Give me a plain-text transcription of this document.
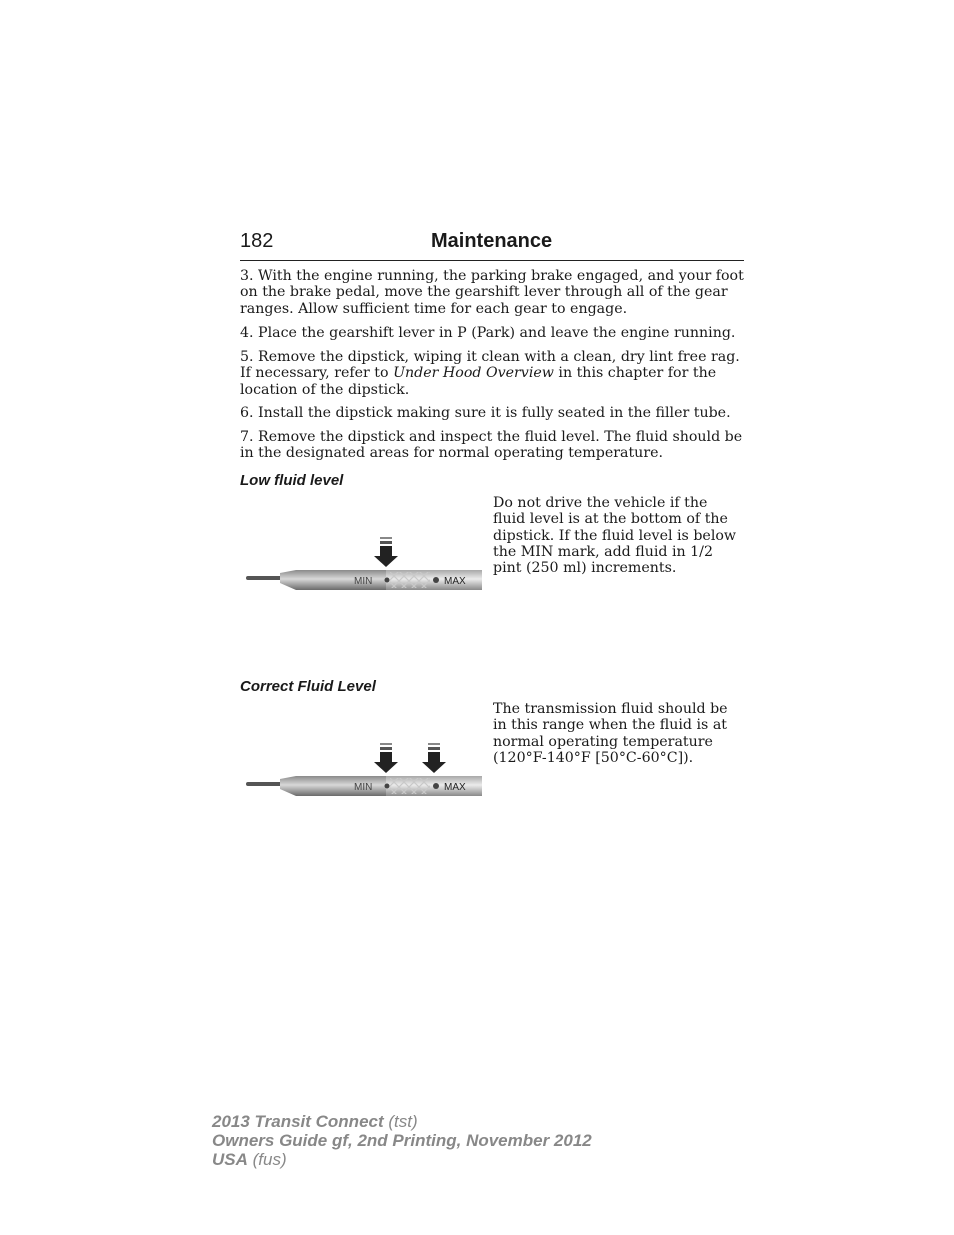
182	Maintenance

3. With the engine running, the parking brake engaged, and your foot on the brake pedal, move the gearshift lever through all of the gear ranges. Allow sufficient time for each gear to engage.

4. Place the gearshift lever in P (Park) and leave the engine running.

5. Remove the dipstick, wiping it clean with a clean, dry lint free rag. If necessary, refer to Under Hood Overview in this chapter for the location of the dipstick.

6. Install the dipstick making sure it is fully seated in the filler tube.

7. Remove the dipstick and inspect the fluid level. The fluid should be in the designated areas for normal operating temperature.

Low fluid level
MIN	MAX
Do not drive the vehicle if the fluid level is at the bottom of the dipstick. If the fluid level is below the MIN mark, add fluid in 1/2 pint (250 ml) increments.
Correct Fluid Level
MIN	MAX
The transmission fluid should be in this range when the fluid is at normal operating temperature (120°F-140°F [50°C-60°C]).
2013 Transit Connect (tst)
Owners Guide gf, 2nd Printing, November 2012
USA (fus)
